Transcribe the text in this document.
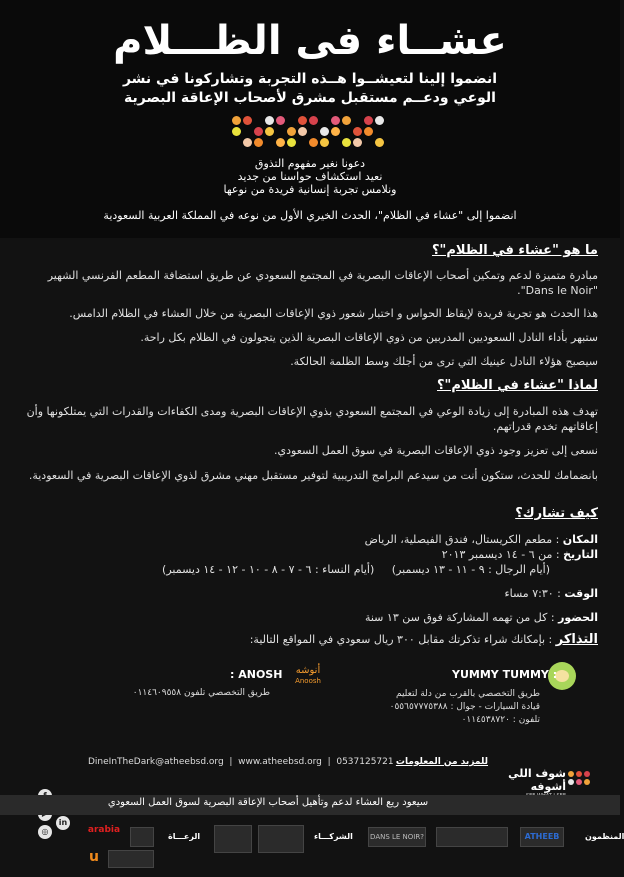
عشــاء فى الظـــلام
انضموا إلينا لتعيشــوا هــذه التجربة وتشاركونا في نشر
الوعي ودعــم مستقبل مشرق لأصحاب الإعاقة البصرية
دعونا نغير مفهوم التذوق
نعيد استكشاف حواسنا من جديد
ونلامس تجربة إنسانية فريدة من نوعها
انضموا إلى "عشاء في الظلام"، الحدث الخيري الأول من نوعه في المملكة العربية السعودية
ما هو "عشاء في الظلام"؟
مبادرة متميزة لدعم وتمكين أصحاب الإعاقات البصرية في المجتمع السعودي عن طريق استضافة المطعم الفرنسي الشهير "Dans le Noir".
هذا الحدث هو تجربة فريدة لإيقاظ الحواس و اختبار شعور ذوي الإعاقات البصرية من خلال العشاء في الظلام الدامس.
ستبهر بأداء النادل السعوديين المدربين من ذوي الإعاقات البصرية الذين يتجولون في الظلام بكل راحة.
سيصبح هؤلاء النادل عينيك التي ترى من أجلك وسط الظلمة الحالكة.
لماذا "عشاء في الظلام"؟
تهدف هذه المبادرة إلى زيادة الوعي في المجتمع السعودي بذوي الإعاقات البصرية ومدى الكفاءات والقدرات التي يمتلكونها وأن إعاقاتهم تخدم قدراتهم.
نسعى إلى تعزيز وجود ذوي الإعاقات البصرية في سوق العمل السعودي.
بانضمامك للحدث، ستكون أنت من سيدعم البرامج التدريبية لتوفير مستقبل مهني مشرق لذوي الإعاقات البصرية في السعودية.
كيف تشارك؟
المكان : مطعم الكريستال، فندق الفيصلية، الرياض
التاريخ : من ٦ - ١٤ ديسمبر ٢٠١٣
(أيام الرجال : ٩ - ١١ - ١٣ ديسمبر)     (أيام النساء : ٦ - ٧ - ٨ - ١٠ - ١٢ - ١٤ ديسمبر)
الوقت : ٧:٣٠ مساء
الحضور : كل من تهمه المشاركة فوق سن ١٣ سنة
التذاكر : بإمكانك شراء تذكرتك مقابل ٣٠٠ ريال سعودي في المواقع التالية:
YUMMY TUMMY :
طريق التخصصي بالقرب من دلة لتعليم
قيادة السيارات - جوال : ٠٥٥٦٥٧٧٧٥٣٨٨
تلفون : ٠١١٤٥٣٨٧٢٠
أنوشه
Anoosh
: ANOSH
طريق التخصصي تلفون ٠١١٤٦٠٩٥٥٨
DineInTheDark@atheebsd.org  |  www.atheebsd.org  |  0537125721 للمزيد من المعلومات
شوف اللي أشوفه
in
◎
سيعود ريع العشاء لدعم وتأهيل أصحاب الإعاقة البصرية لسوق العمل السعودي
المنظمون
ATHEEB
DANS LE NOIR?
الشركـــاء
الرعـــاة
arabia
u
